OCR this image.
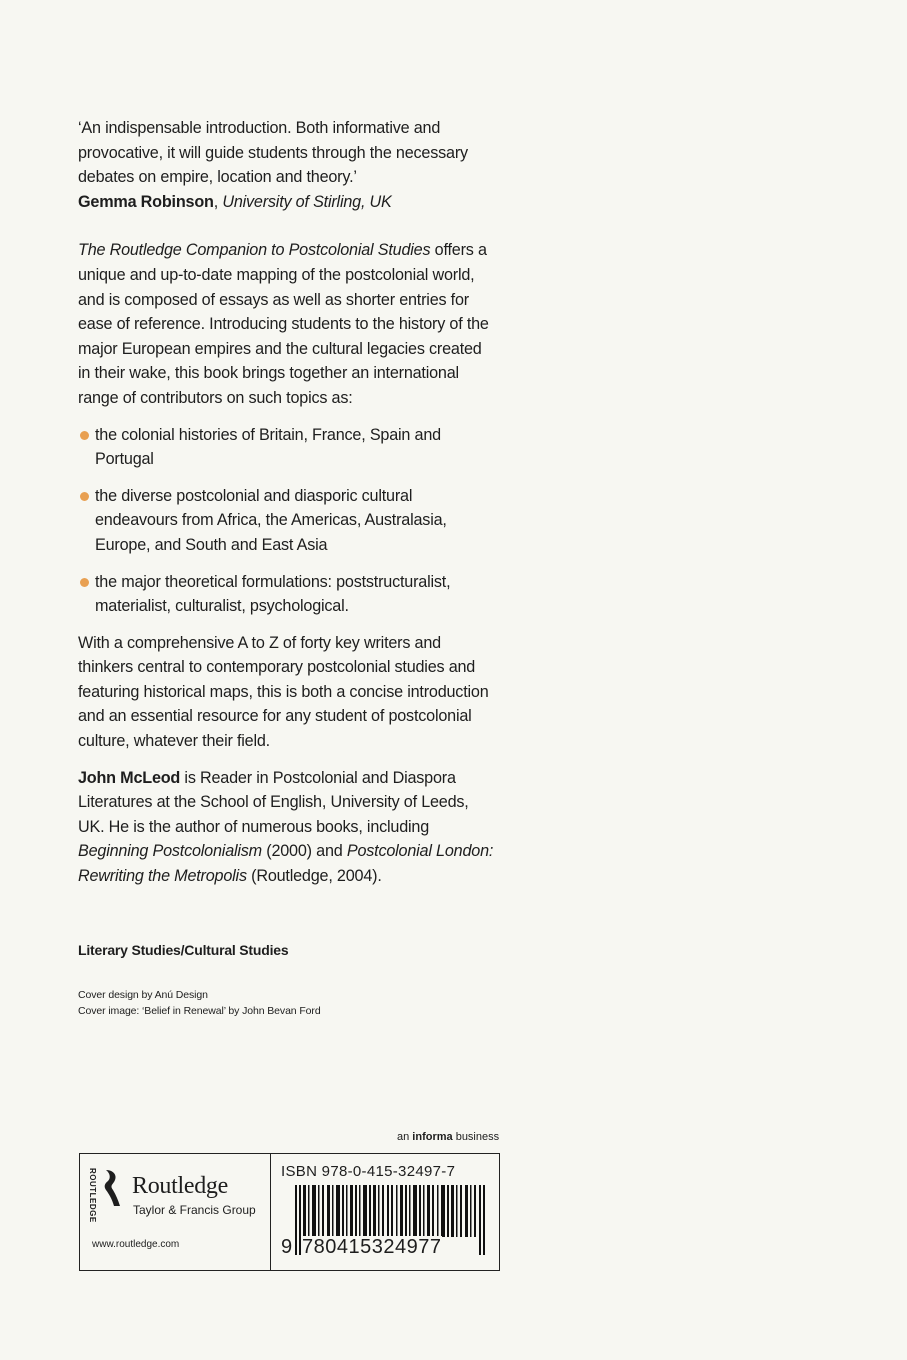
‘An indispensable introduction. Both informative and provocative, it will guide students through the necessary debates on empire, location and theory.’
Gemma Robinson, University of Stirling, UK

The Routledge Companion to Postcolonial Studies offers a unique and up-to-date mapping of the postcolonial world, and is composed of essays as well as shorter entries for ease of reference. Introducing students to the history of the major European empires and the cultural legacies created in their wake, this book brings together an international range of contributors on such topics as:

the colonial histories of Britain, France, Spain and Portugal
the diverse postcolonial and diasporic cultural endeavours from Africa, the Americas, Australasia, Europe, and South and East Asia
the major theoretical formulations: poststructuralist, materialist, culturalist, psychological.

With a comprehensive A to Z of forty key writers and thinkers central to contemporary postcolonial studies and featuring historical maps, this is both a concise introduction and an essential resource for any student of postcolonial culture, whatever their field.

John McLeod is Reader in Postcolonial and Diaspora Literatures at the School of English, University of Leeds, UK. He is the author of numerous books, including Beginning Postcolonialism (2000) and Postcolonial London: Rewriting the Metropolis (Routledge, 2004).

Literary Studies/Cultural Studies
Cover design by Anú Design
Cover image: ‘Belief in Renewal’ by John Bevan Ford
an informa business
ROUTLEDGE Routledge
Taylor & Francis Group
www.routledge.com
ISBN 978-0-415-32497-7
9 780415324977
